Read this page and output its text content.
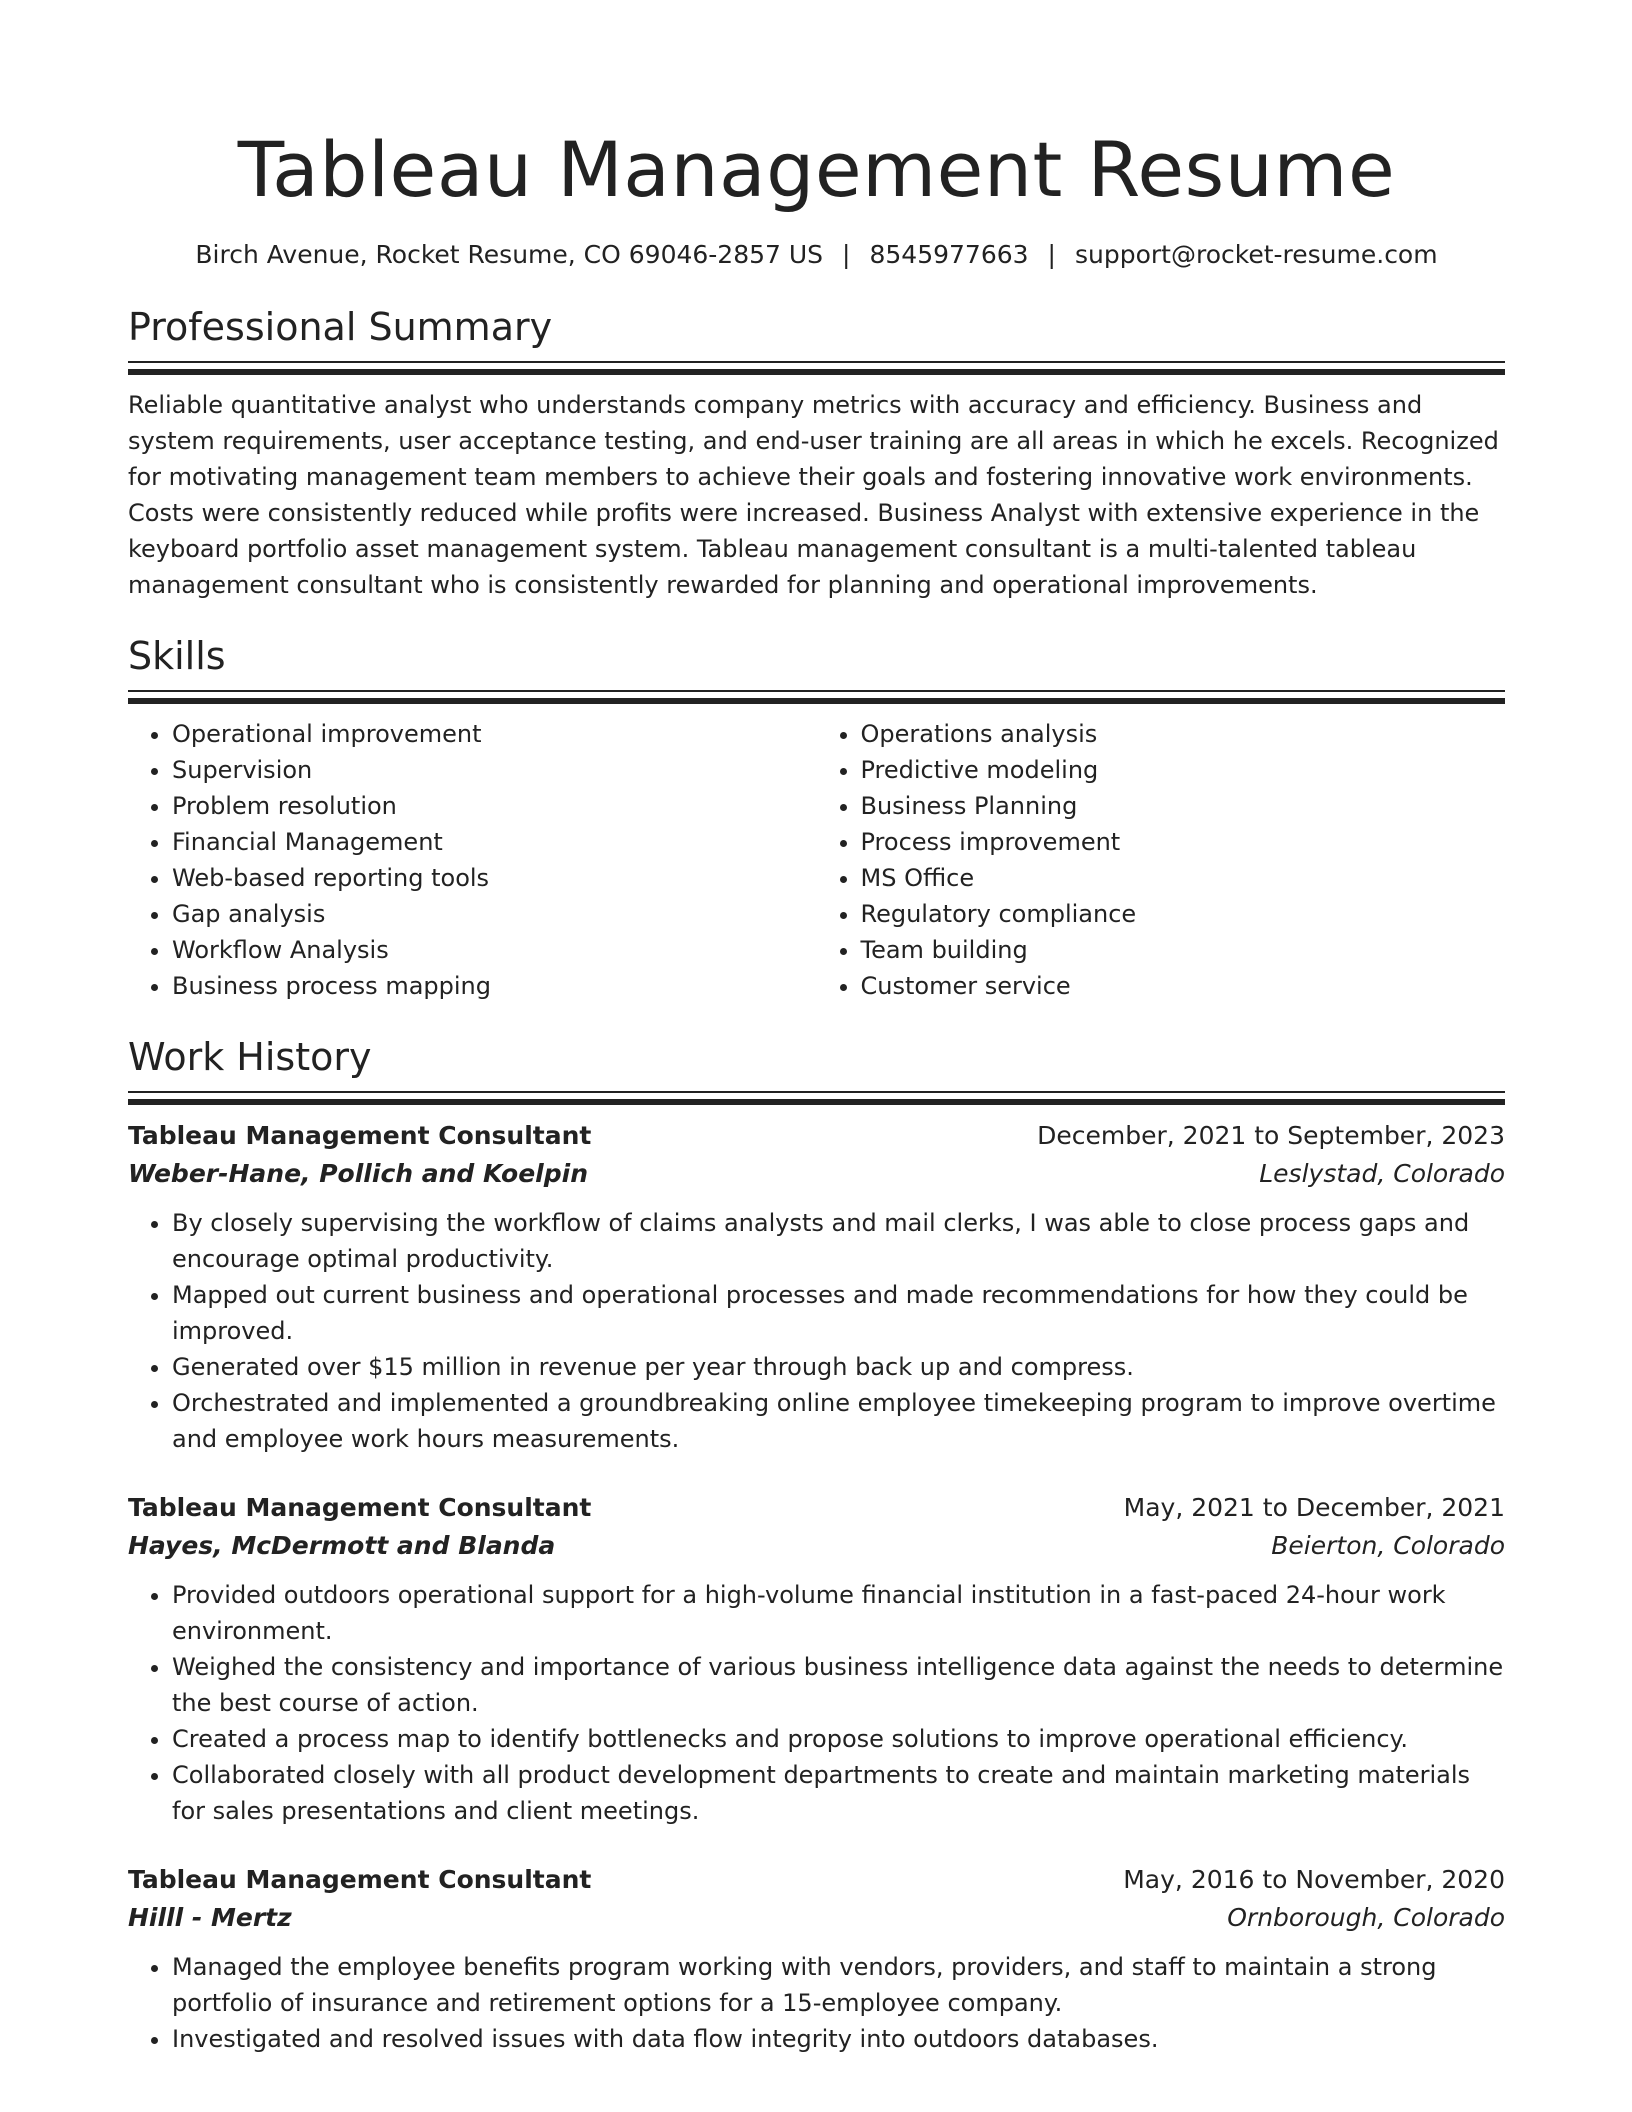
Tableau Management Resume
Birch Avenue, Rocket Resume, CO 69046-2857 US | 8545977663 | support@rocket-resume.com
Professional Summary
Reliable quantitative analyst who understands company metrics with accuracy and efficiency. Business and system requirements, user acceptance testing, and end-user training are all areas in which he excels. Recognized for motivating management team members to achieve their goals and fostering innovative work environments. Costs were consistently reduced while profits were increased. Business Analyst with extensive experience in the keyboard portfolio asset management system. Tableau management consultant is a multi-talented tableau management consultant who is consistently rewarded for planning and operational improvements.
Skills
• Operational improvement
• Supervision
• Problem resolution
• Financial Management
• Web-based reporting tools
• Gap analysis
• Workflow Analysis
• Business process mapping
• Operations analysis
• Predictive modeling
• Business Planning
• Process improvement
• MS Office
• Regulatory compliance
• Team building
• Customer service
Work History
Tableau Management Consultant	December, 2021 to September, 2023
Weber-Hane, Pollich and Koelpin	Leslystad, Colorado
• By closely supervising the workflow of claims analysts and mail clerks, I was able to close process gaps and encourage optimal productivity.
• Mapped out current business and operational processes and made recommendations for how they could be improved.
• Generated over $15 million in revenue per year through back up and compress.
• Orchestrated and implemented a groundbreaking online employee timekeeping program to improve overtime and employee work hours measurements.
Tableau Management Consultant	May, 2021 to December, 2021
Hayes, McDermott and Blanda	Beierton, Colorado
• Provided outdoors operational support for a high-volume financial institution in a fast-paced 24-hour work environment.
• Weighed the consistency and importance of various business intelligence data against the needs to determine the best course of action.
• Created a process map to identify bottlenecks and propose solutions to improve operational efficiency.
• Collaborated closely with all product development departments to create and maintain marketing materials for sales presentations and client meetings.
Tableau Management Consultant	May, 2016 to November, 2020
Hilll - Mertz	Ornborough, Colorado
• Managed the employee benefits program working with vendors, providers, and staff to maintain a strong portfolio of insurance and retirement options for a 15-employee company.
• Investigated and resolved issues with data flow integrity into outdoors databases.
